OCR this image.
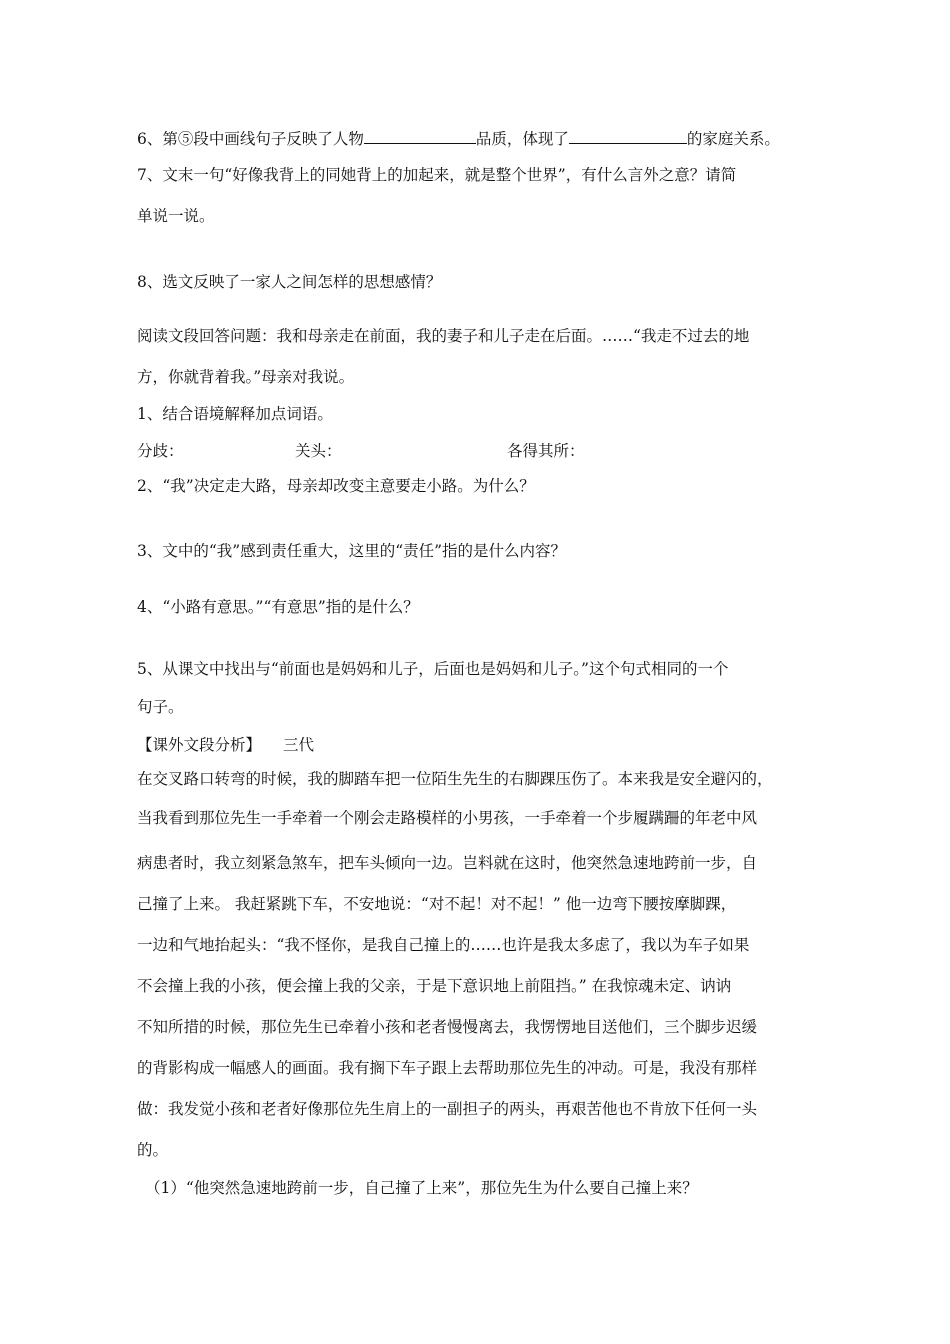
6、第⑤段中画线句子反映了人物	品质，体现了	的家庭关系。
7、文末一句“好像我背上的同她背上的加起来，就是整个世界”，有什么言外之意？请简
单说一说。
8、选文反映了一家人之间怎样的思想感情？
阅读文段回答问题：我和母亲走在前面，我的妻子和儿子走在后面。……“我走不过去的地
方，你就背着我。”母亲对我说。
1、结合语境解释加点词语。
分歧：	关头：	各得其所：
2、“我”决定走大路，母亲却改变主意要走小路。为什么？
3、文中的“我”感到责任重大，这里的“责任”指的是什么内容？
4、“小路有意思。”“有意思”指的是什么？
5、从课文中找出与“前面也是妈妈和儿子，后面也是妈妈和儿子。”这个句式相同的一个
句子。
【课外文段分析】 三代
在交叉路口转弯的时候，我的脚踏车把一位陌生先生的右脚踝压伤了。本来我是安全避闪的，
当我看到那位先生一手牵着一个刚会走路模样的小男孩，一手牵着一个步履蹒跚的年老中风
病患者时，我立刻紧急煞车，把车头倾向一边。岂料就在这时，他突然急速地跨前一步，自
己撞了上来。 我赶紧跳下车，不安地说：“对不起！对不起！” 他一边弯下腰按摩脚踝，
一边和气地抬起头：“我不怪你，是我自己撞上的……也许是我太多虑了，我以为车子如果
不会撞上我的小孩，便会撞上我的父亲，于是下意识地上前阻挡。” 在我惊魂未定、讷讷
不知所措的时候，那位先生已牵着小孩和老者慢慢离去，我愣愣地目送他们，三个脚步迟缓
的背影构成一幅感人的画面。我有搁下车子跟上去帮助那位先生的冲动。可是，我没有那样
做：我发觉小孩和老者好像那位先生肩上的一副担子的两头，再艰苦他也不肯放下任何一头
的。
（1）“他突然急速地跨前一步，自己撞了上来”，那位先生为什么要自己撞上来？
